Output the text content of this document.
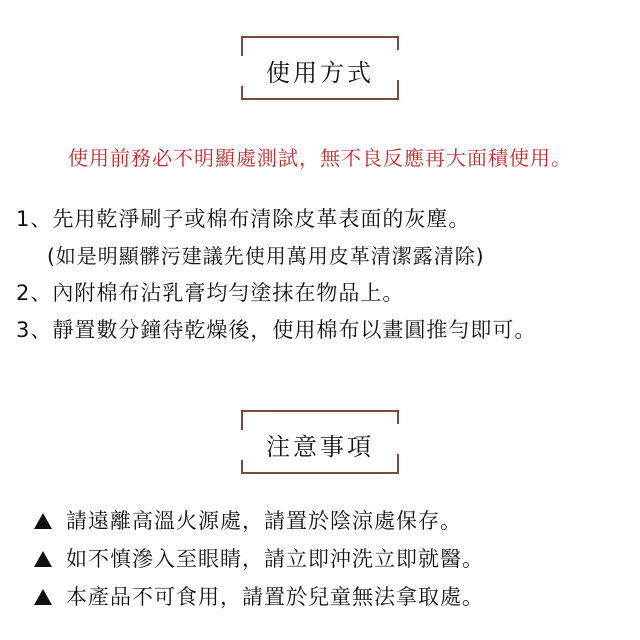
使用方式
使用前務必不明顯處測試，無不良反應再大面積使用。
1、先用乾淨刷子或棉布清除皮革表面的灰塵。
(如是明顯髒污建議先使用萬用皮革清潔露清除)
2、內附棉布沾乳膏均勻塗抹在物品上。
3、靜置數分鐘待乾燥後，使用棉布以畫圓推勻即可。
注意事項
請遠離高溫火源處，請置於陰涼處保存。
如不慎滲入至眼睛，請立即沖洗立即就醫。
本產品不可食用，請置於兒童無法拿取處。
